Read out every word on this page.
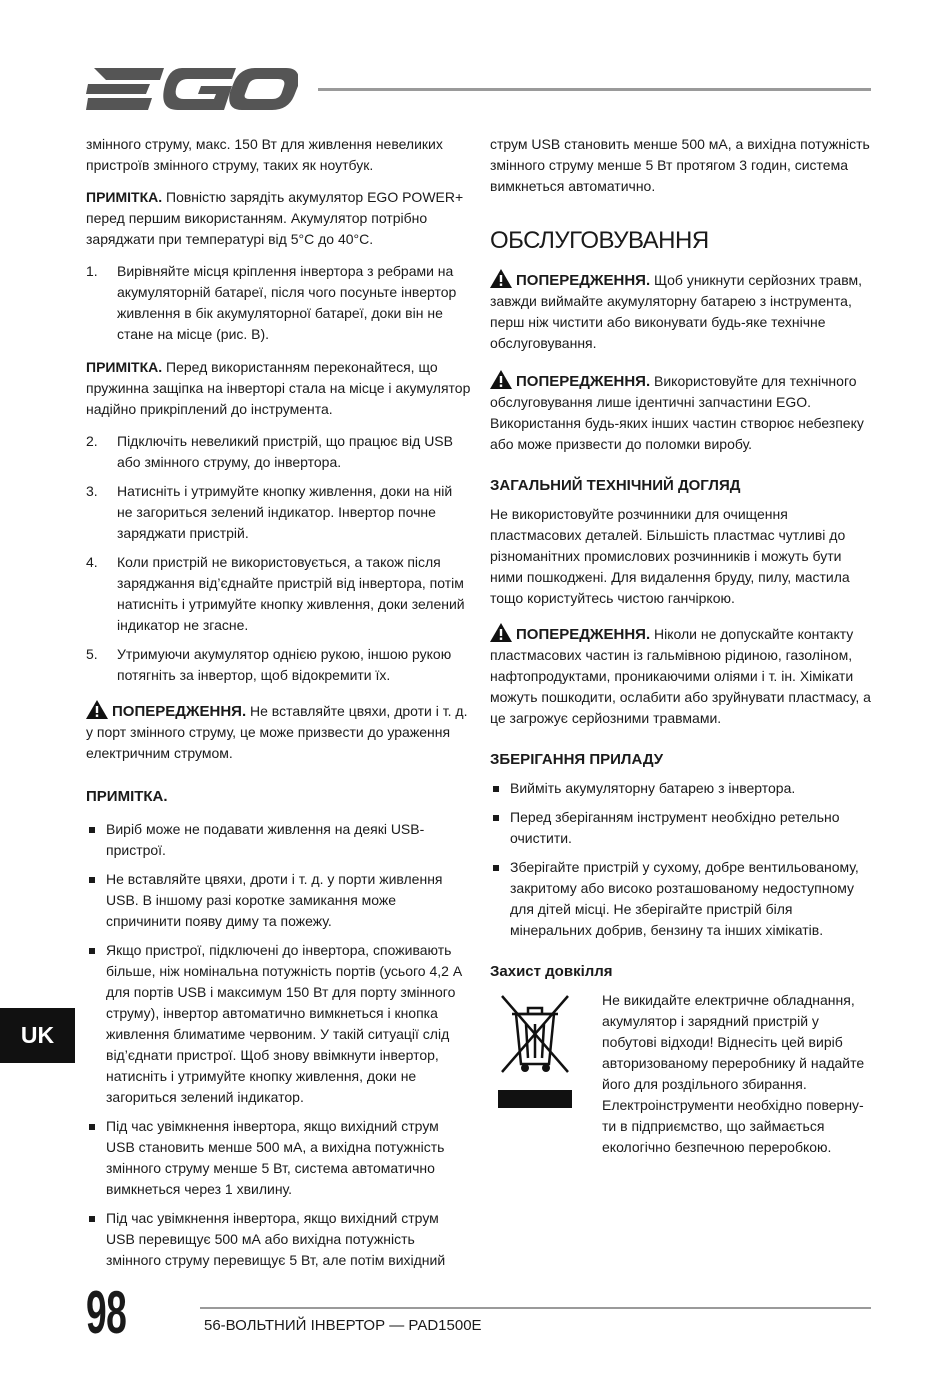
EGO

змінного струму, макс. 150 Вт для живлення невеликих пристроїв змінного струму, таких як ноутбук.

ПРИМІТКА. Повністю зарядіть акумулятор EGO POWER+ перед першим використанням. Акумулятор потрібно заряджати при температурі від 5°C до 40°C.

1. Вирівняйте місця кріплення інвертора з ребрами на акумуляторній батареї, після чого посуньте інвертор живлення в бік акумуляторної батареї, доки він не стане на місце (рис. B).

ПРИМІТКА. Перед використанням переконайтеся, що пружинна защіпка на інверторі стала на місце і акумулятор надійно прикріплений до інструмента.

2. Підключіть невеликий пристрій, що працює від USB або змінного струму, до інвертора.
3. Натисніть і утримуйте кнопку живлення, доки на ній не загориться зелений індикатор. Інвертор почне заряджати пристрій.
4. Коли пристрій не використовується, а також після заряджання від’єднайте пристрій від інвертора, потім натисніть і утримуйте кнопку живлення, доки зелений індикатор не згасне.
5. Утримуючи акумулятор однією рукою, іншою рукою потягніть за інвертор, щоб відокремити їх.

ПОПЕРЕДЖЕННЯ. Не вставляйте цвяхи, дроти і т. д. у порт змінного струму, це може призвести до ураження електричним струмом.

ПРИМІТКА.
Виріб може не подавати живлення на деякі USB-пристрої.
Не вставляйте цвяхи, дроти і т. д. у порти живлення USB. В іншому разі коротке замикання може спричинити появу диму та пожежу.
Якщо пристрої, підключені до інвертора, споживають більше, ніж номінальна потужність портів (усього 4,2 А для портів USB і максимум 150 Вт для порту змінного струму), інвертор автоматично вимкнеться і кнопка живлення блиматиме червоним. У такій ситуації слід від’єднати пристрої. Щоб знову ввімкнути інвертор, натисніть і утримуйте кнопку живлення, доки не загориться зелений індикатор.
Під час увімкнення інвертора, якщо вихідний струм USB становить менше 500 мА, а вихідна потужність змінного струму менше 5 Вт, система автоматично вимкнеться через 1 хвилину.
Під час увімкнення інвертора, якщо вихідний струм USB перевищує 500 мА або вихідна потужність змінного струму перевищує 5 Вт, але потім вихідний

струм USB становить менше 500 мА, а вихідна потужність змінного струму менше 5 Вт протягом 3 годин, система вимкнеться автоматично.

ОБСЛУГОВУВАННЯ

ПОПЕРЕДЖЕННЯ. Щоб уникнути серйозних травм, завжди виймайте акумуляторну батарею з інструмента, перш ніж чистити або виконувати будь-яке технічне обслуговування.

ПОПЕРЕДЖЕННЯ. Використовуйте для технічного обслуговування лише ідентичні запчастини EGO. Використання будь-яких інших частин створює небезпеку або може призвести до поломки виробу.

ЗАГАЛЬНИЙ ТЕХНІЧНИЙ ДОГЛЯД

Не використовуйте розчинники для очищення пластмасових деталей. Більшість пластмас чутливі до різноманітних промислових розчинників і можуть бути ними пошкоджені. Для видалення бруду, пилу, мастила тощо користуйтесь чистою ганчіркою.

ПОПЕРЕДЖЕННЯ. Ніколи не допускайте контакту пластмасових частин із гальмівною рідиною, газоліном, нафтопродуктами, проникаючими оліями і т. ін. Хімікати можуть пошкодити, ослабити або зруйнувати пластмасу, а це загрожує серйозними травмами.

ЗБЕРІГАННЯ ПРИЛАДУ
Вийміть акумуляторну батарею з інвертора.
Перед зберіганням інструмент необхідно ретельно очистити.
Зберігайте пристрій у сухому, добре вентильованому, закритому або високо розташованому недоступному для дітей місці. Не зберігайте пристрій біля мінеральних добрив, бензину та інших хімікатів.
Захист довкілля
Не викидайте електричне обладнання, акумулятор і зарядний пристрій у побутові відходи! Віднесіть цей виріб авторизованому переробнику й надайте його для роздільного збирання. Електроінструменти необхідно поверну-ти в підприємство, що займається екологічно безпечною переробкою.
UK
98	56-ВОЛЬТНИЙ ІНВЕРТОР — PAD1500E
